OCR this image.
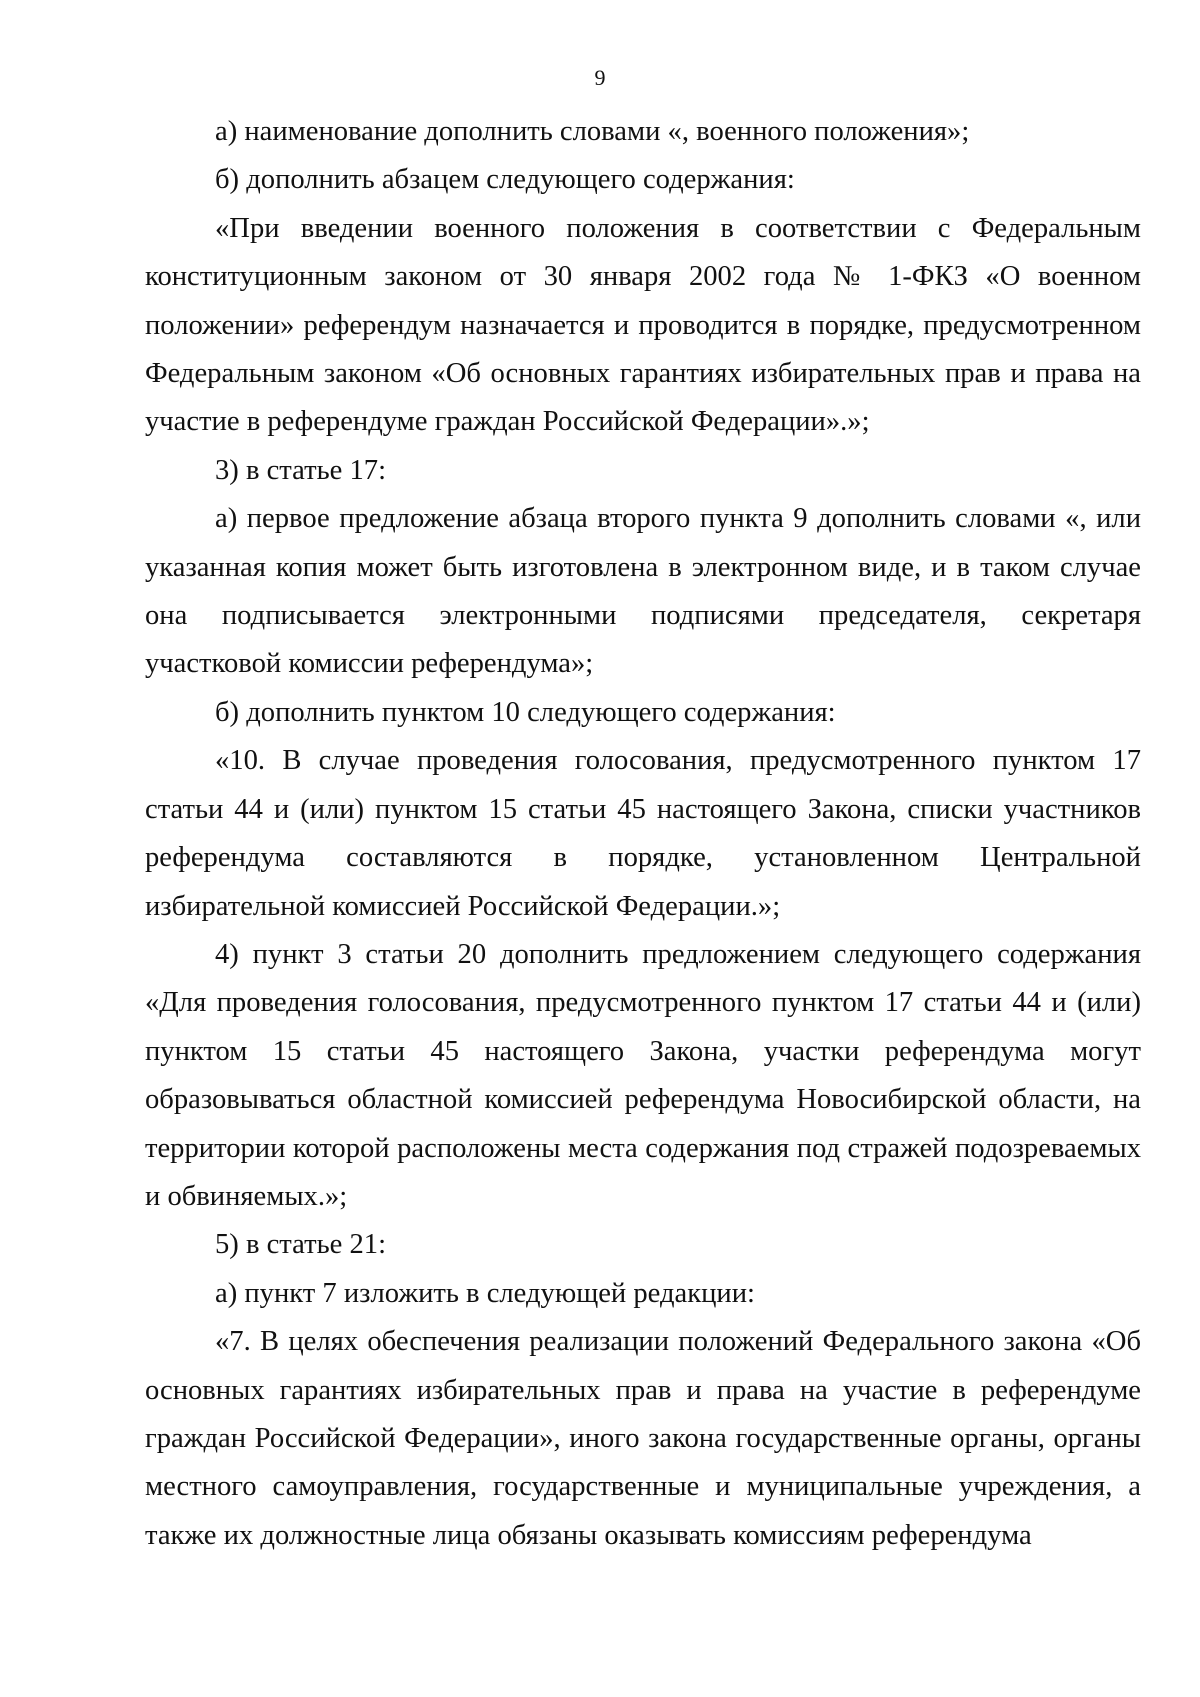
9

а) наименование дополнить словами «, военного положения»;

б) дополнить абзацем следующего содержания:

«При введении военного положения в соответствии с Федеральным конституционным законом от 30 января 2002 года № 1-ФКЗ «О военном положении» референдум назначается и проводится в порядке, предусмотренном Федеральным законом «Об основных гарантиях избирательных прав и права на участие в референдуме граждан Российской Федерации».»;

3) в статье 17:

а) первое предложение абзаца второго пункта 9 дополнить словами «, или указанная копия может быть изготовлена в электронном виде, и в таком случае она подписывается электронными подписями председателя, секретаря участковой комиссии референдума»;

б) дополнить пунктом 10 следующего содержания:

«10. В случае проведения голосования, предусмотренного пунктом 17 статьи 44 и (или) пунктом 15 статьи 45 настоящего Закона, списки участников референдума составляются в порядке, установленном Центральной избирательной комиссией Российской Федерации.»;

4) пункт 3 статьи 20 дополнить предложением следующего содержания «Для проведения голосования, предусмотренного пунктом 17 статьи 44 и (или) пунктом 15 статьи 45 настоящего Закона, участки референдума могут образовываться областной комиссией референдума Новосибирской области, на территории которой расположены места содержания под стражей подозреваемых и обвиняемых.»;

5) в статье 21:

а) пункт 7 изложить в следующей редакции:

«7. В целях обеспечения реализации положений Федерального закона «Об основных гарантиях избирательных прав и права на участие в референдуме граждан Российской Федерации», иного закона государственные органы, органы местного самоуправления, государственные и муниципальные учреждения, а также их должностные лица обязаны оказывать комиссиям референдума
